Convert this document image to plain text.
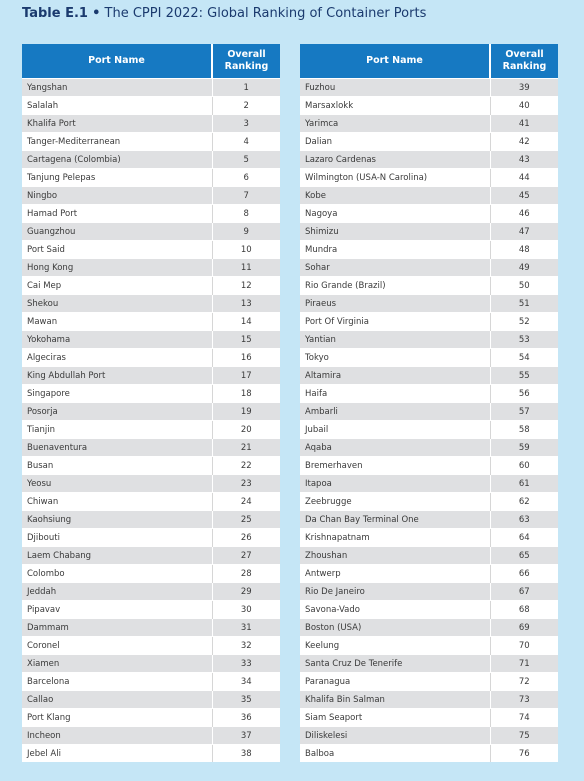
Table E.1 • The CPPI 2022: Global Ranking of Container Ports
Port Name	Overall
Ranking
Yangshan	1
Salalah	2
Khalifa Port	3
Tanger-Mediterranean	4
Cartagena (Colombia)	5
Tanjung Pelepas	6
Ningbo	7
Hamad Port	8
Guangzhou	9
Port Said	10
Hong Kong	11
Cai Mep	12
Shekou	13
Mawan	14
Yokohama	15
Algeciras	16
King Abdullah Port	17
Singapore	18
Posorja	19
Tianjin	20
Buenaventura	21
Busan	22
Yeosu	23
Chiwan	24
Kaohsiung	25
Djibouti	26
Laem Chabang	27
Colombo	28
Jeddah	29
Pipavav	30
Dammam	31
Coronel	32
Xiamen	33
Barcelona	34
Callao	35
Port Klang	36
Incheon	37
Jebel Ali	38
Port Name	Overall
Ranking
Fuzhou	39
Marsaxlokk	40
Yarimca	41
Dalian	42
Lazaro Cardenas	43
Wilmington (USA-N Carolina)	44
Kobe	45
Nagoya	46
Shimizu	47
Mundra	48
Sohar	49
Rio Grande (Brazil)	50
Piraeus	51
Port Of Virginia	52
Yantian	53
Tokyo	54
Altamira	55
Haifa	56
Ambarli	57
Jubail	58
Aqaba	59
Bremerhaven	60
Itapoa	61
Zeebrugge	62
Da Chan Bay Terminal One	63
Krishnapatnam	64
Zhoushan	65
Antwerp	66
Rio De Janeiro	67
Savona-Vado	68
Boston (USA)	69
Keelung	70
Santa Cruz De Tenerife	71
Paranagua	72
Khalifa Bin Salman	73
Siam Seaport	74
Diliskelesi	75
Balboa	76
